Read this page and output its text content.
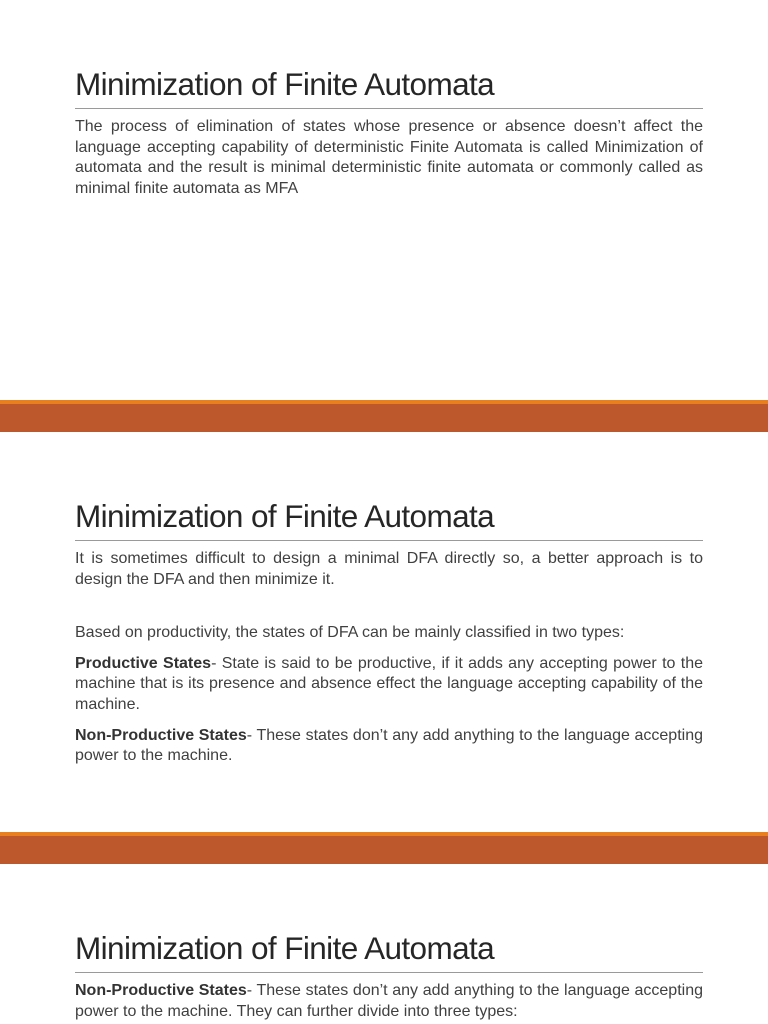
Minimization of Finite Automata

The process of elimination of states whose presence or absence doesn’t affect the language accepting capability of deterministic Finite Automata is called Minimization of automata and the result is minimal deterministic finite automata or commonly called as minimal finite automata as MFA

Minimization of Finite Automata

It is sometimes difficult to design a minimal DFA directly so, a better approach is to design the DFA and then minimize it.

Based on productivity, the states of DFA can be mainly classified in two types:

Productive States- State is said to be productive, if it adds any accepting power to the machine that is its presence and absence effect the language accepting capability of the machine.

Non-Productive States- These states don’t any add anything to the language accepting power to the machine.

Minimization of Finite Automata

Non-Productive States- These states don’t any add anything to the language accepting power to the machine. They can further divide into three types:
